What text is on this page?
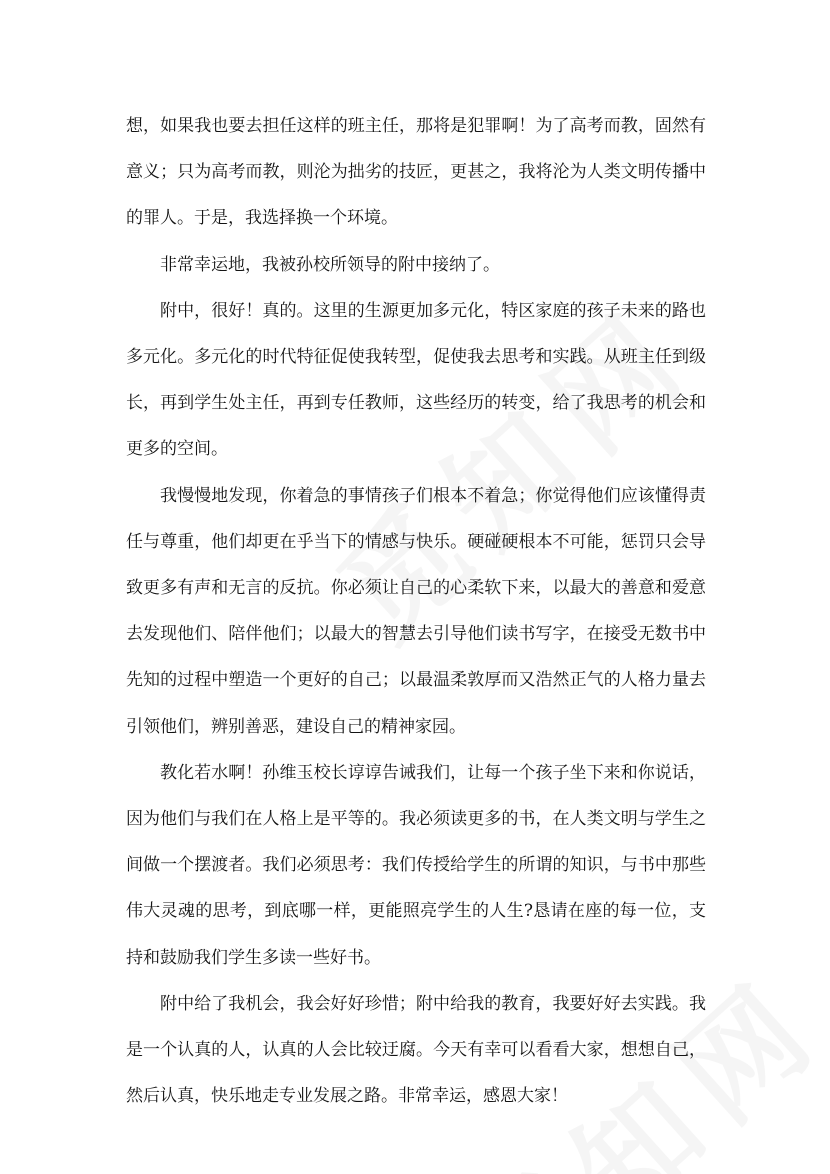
想，如果我也要去担任这样的班主任，那将是犯罪啊！为了高考而教，固然有意义；只为高考而教，则沦为拙劣的技匠，更甚之，我将沦为人类文明传播中的罪人。于是，我选择换一个环境。

非常幸运地，我被孙校所领导的附中接纳了。

附中，很好！真的。这里的生源更加多元化，特区家庭的孩子未来的路也多元化。多元化的时代特征促使我转型，促使我去思考和实践。从班主任到级长，再到学生处主任，再到专任教师，这些经历的转变，给了我思考的机会和更多的空间。

我慢慢地发现，你着急的事情孩子们根本不着急；你觉得他们应该懂得责任与尊重，他们却更在乎当下的情感与快乐。硬碰硬根本不可能，惩罚只会导致更多有声和无言的反抗。你必须让自己的心柔软下来，以最大的善意和爱意去发现他们、陪伴他们；以最大的智慧去引导他们读书写字，在接受无数书中先知的过程中塑造一个更好的自己；以最温柔敦厚而又浩然正气的人格力量去引领他们，辨别善恶，建设自己的精神家园。

教化若水啊！孙维玉校长谆谆告诫我们，让每一个孩子坐下来和你说话，因为他们与我们在人格上是平等的。我必须读更多的书，在人类文明与学生之间做一个摆渡者。我们必须思考：我们传授给学生的所谓的知识，与书中那些伟大灵魂的思考，到底哪一样，更能照亮学生的人生?恳请在座的每一位，支持和鼓励我们学生多读一些好书。

附中给了我机会，我会好好珍惜；附中给我的教育，我要好好去实践。我是一个认真的人，认真的人会比较迂腐。今天有幸可以看看大家，想想自己，然后认真，快乐地走专业发展之路。非常幸运，感恩大家！
